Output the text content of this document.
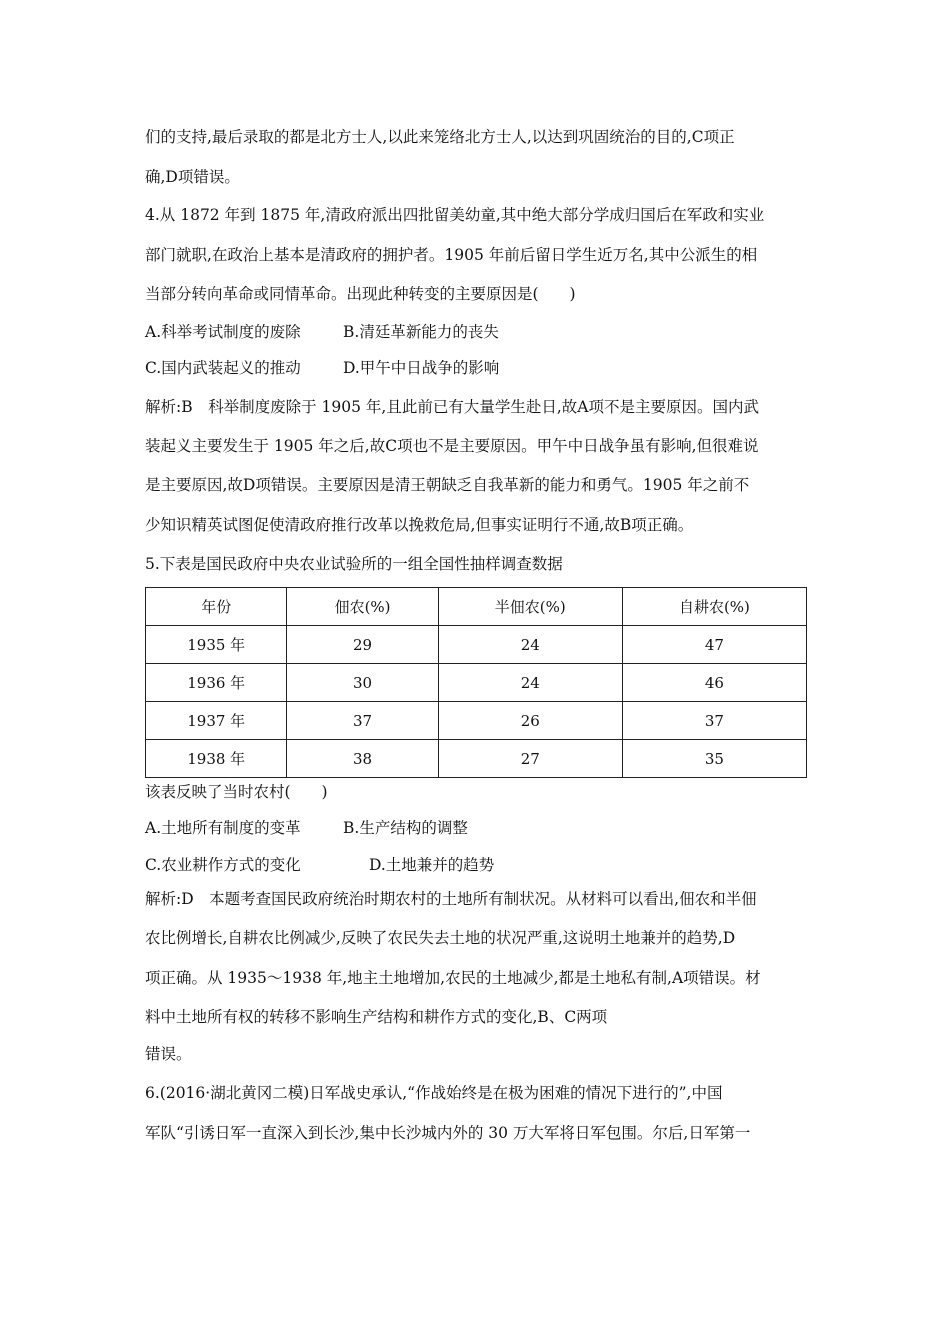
们的支持,最后录取的都是北方士人,以此来笼络北方士人,以达到巩固统治的目的,C项正
确,D项错误。
4.从 1872 年到 1875 年,清政府派出四批留美幼童,其中绝大部分学成归国后在军政和实业
部门就职,在政治上基本是清政府的拥护者。1905 年前后留日学生近万名,其中公派生的相
当部分转向革命或同情革命。出现此种转变的主要原因是(　　)
A.科举考试制度的废除	B.清廷革新能力的丧失
C.国内武装起义的推动	D.甲午中日战争的影响
解析:B　科举制度废除于 1905 年,且此前已有大量学生赴日,故A项不是主要原因。国内武
装起义主要发生于 1905 年之后,故C项也不是主要原因。甲午中日战争虽有影响,但很难说
是主要原因,故D项错误。主要原因是清王朝缺乏自我革新的能力和勇气。1905 年之前不
少知识精英试图促使清政府推行改革以挽救危局,但事实证明行不通,故B项正确。
5.下表是国民政府中央农业试验所的一组全国性抽样调查数据
年份	佃农(%)	半佃农(%)	自耕农(%)
1935 年	29	24	47
1936 年	30	24	46
1937 年	37	26	37
1938 年	38	27	35
该表反映了当时农村(　　)
A.土地所有制度的变革	B.生产结构的调整
C.农业耕作方式的变化	D.土地兼并的趋势
解析:D　本题考查国民政府统治时期农村的土地所有制状况。从材料可以看出,佃农和半佃
农比例增长,自耕农比例减少,反映了农民失去土地的状况严重,这说明土地兼并的趋势,D
项正确。从 1935～1938 年,地主土地增加,农民的土地减少,都是土地私有制,A项错误。材
料中土地所有权的转移不影响生产结构和耕作方式的变化,B、C两项
错误。
6.(2016·湖北黄冈二模)日军战史承认,“作战始终是在极为困难的情况下进行的”,中国
军队“引诱日军一直深入到长沙,集中长沙城内外的 30 万大军将日军包围。尔后,日军第一
